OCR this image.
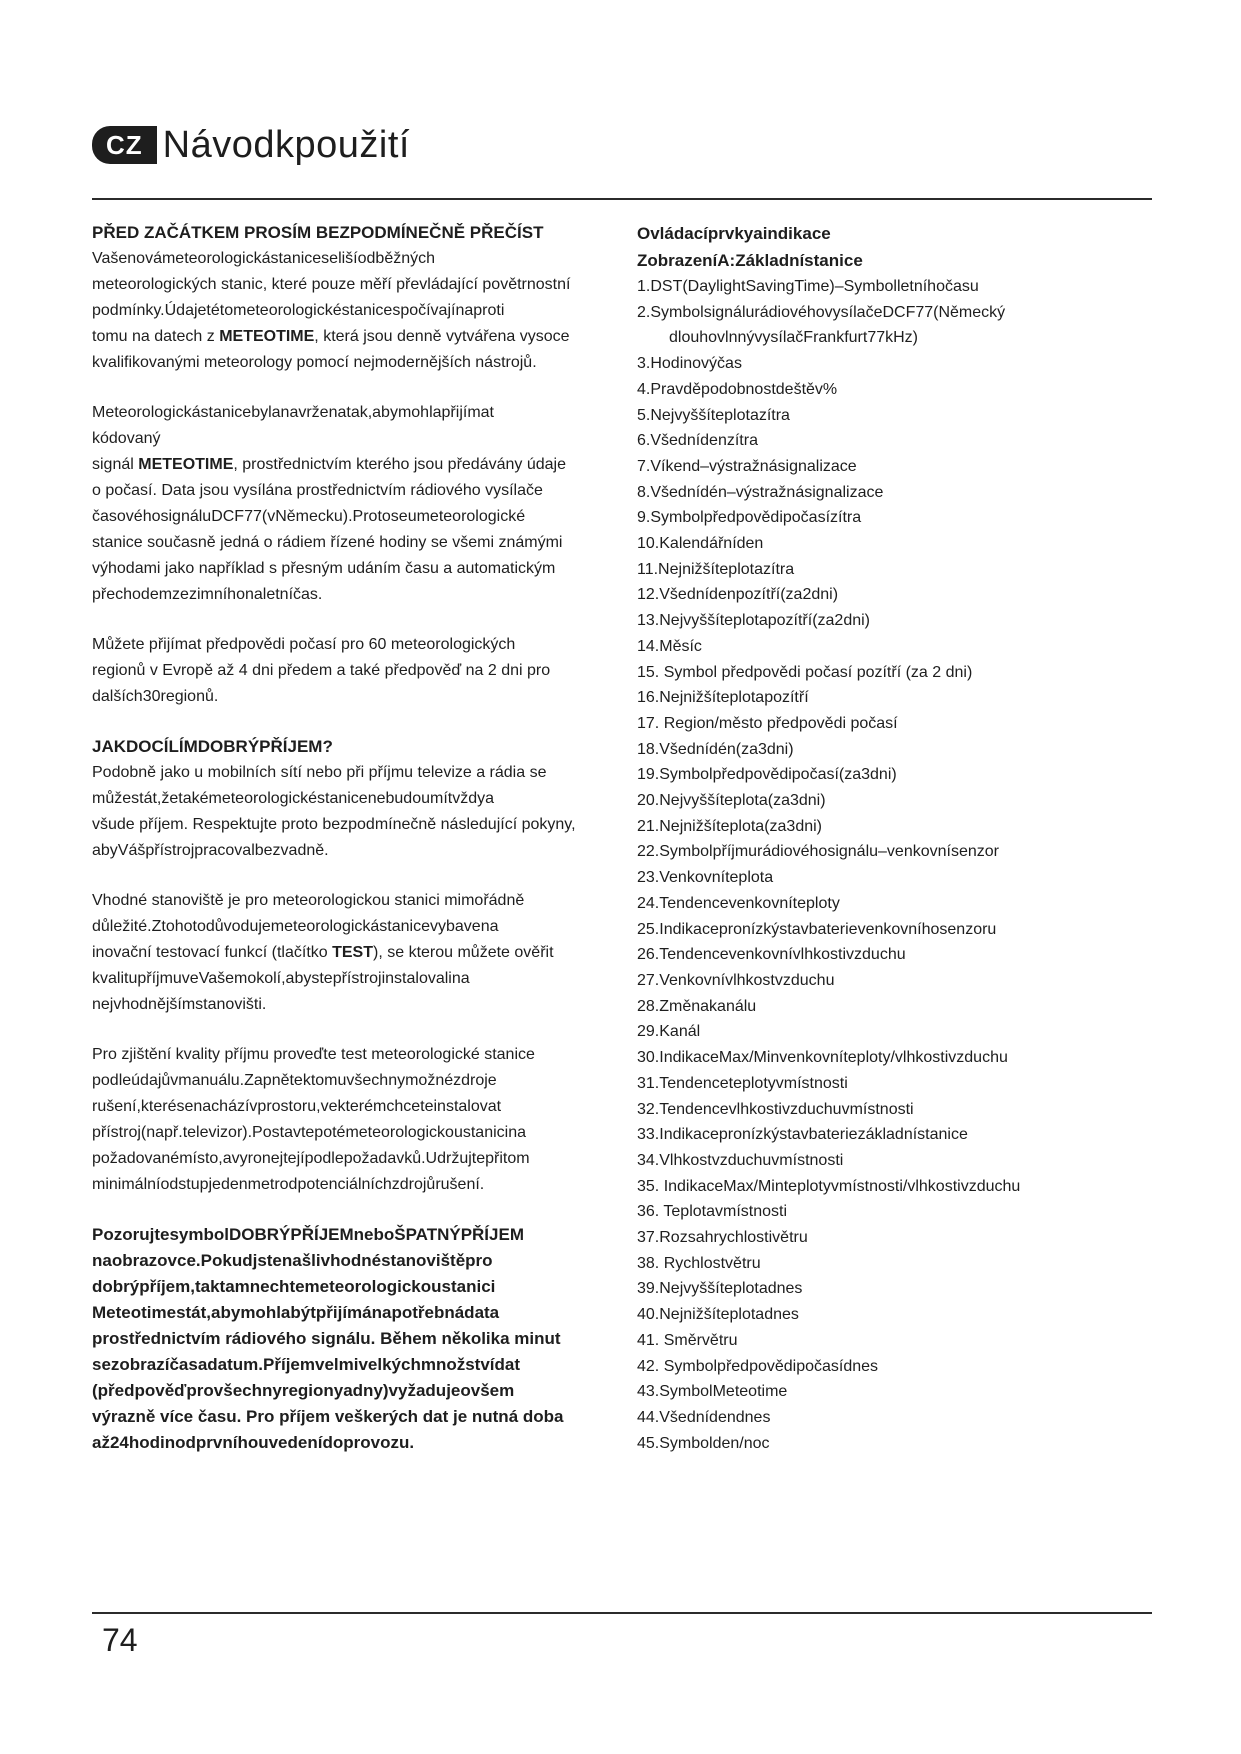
CZ Návodkpoužití

PŘED ZAČÁTKEM PROSÍM BEZPODMÍNEČNĚ PŘEČÍST

Vašenovámeteorologickástaniceselišíodběžných
meteorologických stanic, které pouze měří převládající povětrnostní
podmínky.Údajetétometeorologickéstanicespočívajínaproti
tomu na datech z METEOTIME, která jsou denně vytvářena vysoce
kvalifikovanými meteorology pomocí nejmodernějších nástrojů.

Meteorologickástanicebylanavrženatak,abymohlapřijímat
kódovaný
signál METEOTIME, prostřednictvím kterého jsou předávány údaje
o počasí. Data jsou vysílána prostřednictvím rádiového vysílače
časovéhosignáluDCF77(vNěmecku).Protoseumeteorologické
stanice současně jedná o rádiem řízené hodiny se všemi známými
výhodami jako například s přesným udáním času a automatickým
přechodemzezimníhonaletníčas.

Můžete přijímat předpovědi počasí pro 60 meteorologických
regionů v Evropě až 4 dni předem a také předpověď na 2 dni pro
dalších30regionů.

JAKDOCÍLÍMDOBRÝPŘÍJEM?

Podobně jako u mobilních sítí nebo při příjmu televize a rádia se
můžestát,žetakémeteorologickéstanicenebudoumítvždya
všude příjem. Respektujte proto bezpodmínečně následující pokyny,
abyVášpřístrojpracovalbezvadně.

Vhodné stanoviště je pro meteorologickou stanici mimořádně
důležité.Ztohotodůvodujemeteorologickástanicevybavena
inovační testovací funkcí (tlačítko TEST), se kterou můžete ověřit
kvalitupříjmuveVašemokolí,abystepřístrojinstalovalina
nejvhodnějšímstanovišti.

Pro zjištění kvality příjmu proveďte test meteorologické stanice
podleúdajůvmanuálu.Zapnětektomuvšechnymožnézdroje
rušení,kterésenacházívprostoru,vekterémchceteinstalovat
přístroj(např.televizor).Postavtepotémeteorologickoustanicina
požadovanémísto,avyronejtejípodlepožadavků.Udržujtepřitom
minimálníodstupjedenmetrodpotenciálníchzdrojůrušení.

PozorujtesymbolDOBRÝPŘÍJEMneboŠPATNÝPŘÍJEM
naobrazovce.Pokudjstenašlivhodnéstanovištěpro
dobrýpříjem,taktamnechtemeteorologickoustanici
Meteotimestát,abymohlabýtpřijímánapotřebnádata
prostřednictvím rádiového signálu. Během několika minut
sezobrazíčasadatum.Příjemvelmivelkýchmnožstvídat
(předpověďprovšechnyregionyadny)vyžadujeovšem
výrazně více času. Pro příjem veškerých dat je nutná doba
až24hodinodprvníhouvedenídoprovozu.

Ovládacíprvkyaindikace

ZobrazeníA:Základnístanice

1.DST(DaylightSavingTime)–Symbolletníhočasu
2.SymbolsignálurádiovéhovysílačeDCF77(Německý
dlouhovlnnývysílačFrankfurt77kHz)
3.Hodinovýčas
4.Pravděpodobnostdeštěv%
5.Nejvyššíteplotazítra
6.Všednídenzítra
7.Víkend–výstražnásignalizace
8.Všednídén–výstražnásignalizace
9.Symbolpředpovědipočasízítra
10.Kalendářníden
11.Nejnižšíteplotazítra
12.Všednídenpozítří(za2dni)
13.Nejvyššíteplotapozítří(za2dni)
14.Měsíc
15. Symbol předpovědi počasí pozítří (za 2 dni)
16.Nejnižšíteplotapozítří
17. Region/město předpovědi počasí
18.Všednídén(za3dni)
19.Symbolpředpovědipočasí(za3dni)
20.Nejvyššíteplota(za3dni)
21.Nejnižšíteplota(za3dni)
22.Symbolpříjmurádiovéhosignálu–venkovnísenzor
23.Venkovníteplota
24.Tendencevenkovníteploty
25.Indikacepronízkýstavbaterievenkovníhosenzoru
26.Tendencevenkovnívlhkostivzduchu
27.Venkovnívlhkostvzduchu
28.Změnakanálu
29.Kanál
30.IndikaceMax/Minvenkovníteploty/vlhkostivzduchu
31.Tendenceteplotyvmístnosti
32.Tendencevlhkostivzduchuvmístnosti
33.Indikacepronízkýstavbateriezákladnístanice
34.Vlhkostvzduchuvmístnosti
35. IndikaceMax/Minteplotyvmístnosti/vlhkostivzduchu
36. Teplotavmístnosti
37.Rozsahrychlostivětru
38. Rychlostvětru
39.Nejvyššíteplotadnes
40.Nejnižšíteplotadnes
41. Směrvětru
42. Symbolpředpovědipočasídnes
43.SymbolMeteotime
44.Všednídendnes
45.Symbolden/noc
74
